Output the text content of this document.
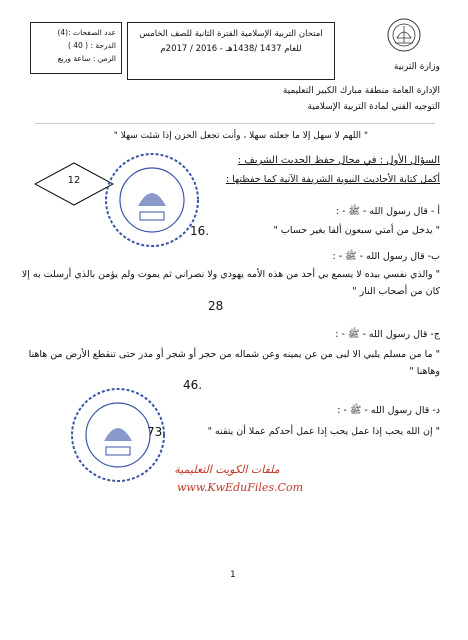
عدد الصفحات :(4)
الدرجة : ( 40 )
الزمن : ساعة وربع
امتحان التربية الإسلامية الفترة الثانية للصف الخامس
للعام 1437 /1438هـ - 2016 / 2017م
وزارة التربية
الإدارة العامة منطقة مبارك الكبير التعليمية
التوجيه الفني لمادة التربية الإسلامية
" اللهم لا سهل إلا ما جعلته سهلا ، وأنت تجعل الحزن إذا شئت سهلا "
السؤال الأول : في مجال حفظ الحديث الشريف :
أكمل كتابة الأحاديث النبوية الشريفة الآتية كما حفظتها :
12
أ - قال رسول الله - ﷺ - :
" يدخل من أمتي سبعون ألفا بغير حساب "
16.
ب- قال رسول الله - ﷺ - :
" والذي نفسي بيده لا يسمع بي أحد من هذه الأمه يهودي ولا نصراني ثم يموت ولم يؤمن بالذي أرسلت به إلا كان من أصحاب النار "
28
ج- قال رسول الله - ﷺ - :
" ما من مسلم يلبي الا لبى من عن يمينه وعن شماله من حجر أو شجر أو مدر حتى تنقطع الأرض من هاهنا وهاهنا "
46.
د- قال رسول الله - ﷺ - :
" إن الله يحب إذا عمل يحب إذا عمل أحدكم عملا أن يتقنه "
73.
ملفات الكويت التعليمية
www.KwEduFiles.Com
1
